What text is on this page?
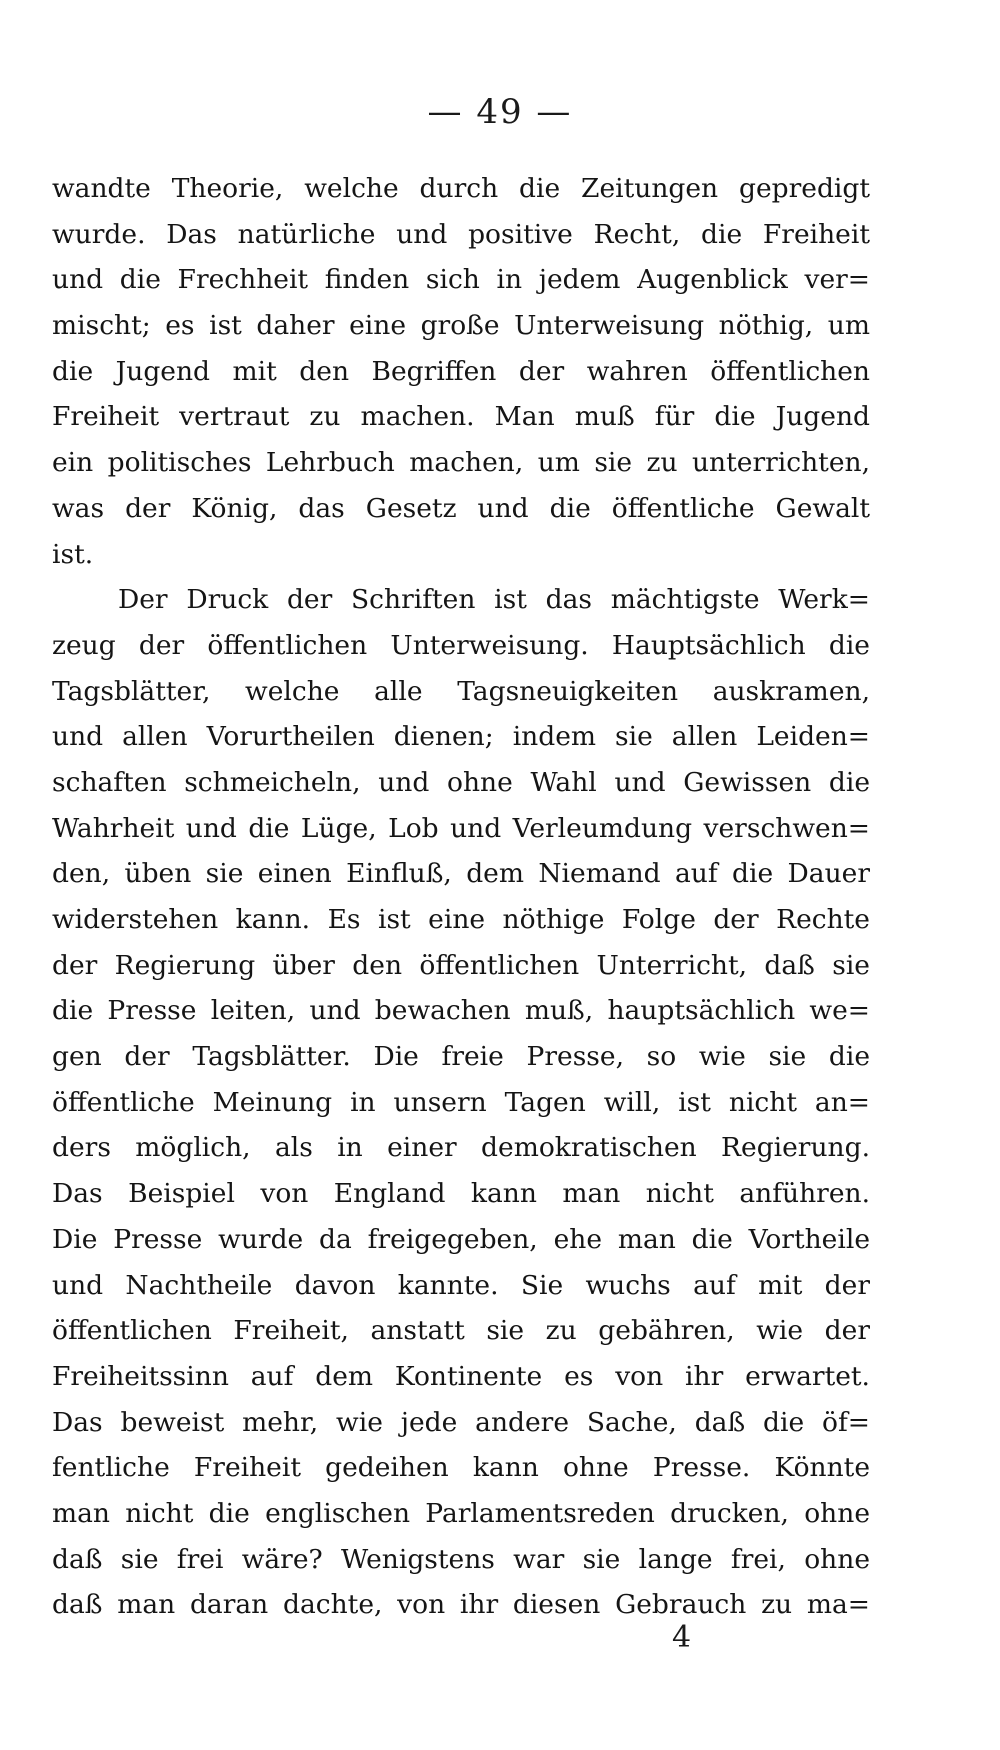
— 49 —
wandte Theorie, welche durch die Zeitungen gepredigt
wurde. Das natürliche und positive Recht, die Freiheit
und die Frechheit finden sich in jedem Augenblick ver=
mischt; es ist daher eine große Unterweisung nöthig, um
die Jugend mit den Begriffen der wahren öffentlichen
Freiheit vertraut zu machen. Man muß für die Jugend
ein politisches Lehrbuch machen, um sie zu unterrichten,
was der König, das Gesetz und die öffentliche Gewalt
ist.
Der Druck der Schriften ist das mächtigste Werk=
zeug der öffentlichen Unterweisung. Hauptsächlich die
Tagsblätter, welche alle Tagsneuigkeiten auskramen,
und allen Vorurtheilen dienen; indem sie allen Leiden=
schaften schmeicheln, und ohne Wahl und Gewissen die
Wahrheit und die Lüge, Lob und Verleumdung verschwen=
den, üben sie einen Einfluß, dem Niemand auf die Dauer
widerstehen kann. Es ist eine nöthige Folge der Rechte
der Regierung über den öffentlichen Unterricht, daß sie
die Presse leiten, und bewachen muß, hauptsächlich we=
gen der Tagsblätter. Die freie Presse, so wie sie die
öffentliche Meinung in unsern Tagen will, ist nicht an=
ders möglich, als in einer demokratischen Regierung.
Das Beispiel von England kann man nicht anführen.
Die Presse wurde da freigegeben, ehe man die Vortheile
und Nachtheile davon kannte. Sie wuchs auf mit der
öffentlichen Freiheit, anstatt sie zu gebähren, wie der
Freiheitssinn auf dem Kontinente es von ihr erwartet.
Das beweist mehr, wie jede andere Sache, daß die öf=
fentliche Freiheit gedeihen kann ohne Presse. Könnte
man nicht die englischen Parlamentsreden drucken, ohne
daß sie frei wäre? Wenigstens war sie lange frei, ohne
daß man daran dachte, von ihr diesen Gebrauch zu ma=
4
